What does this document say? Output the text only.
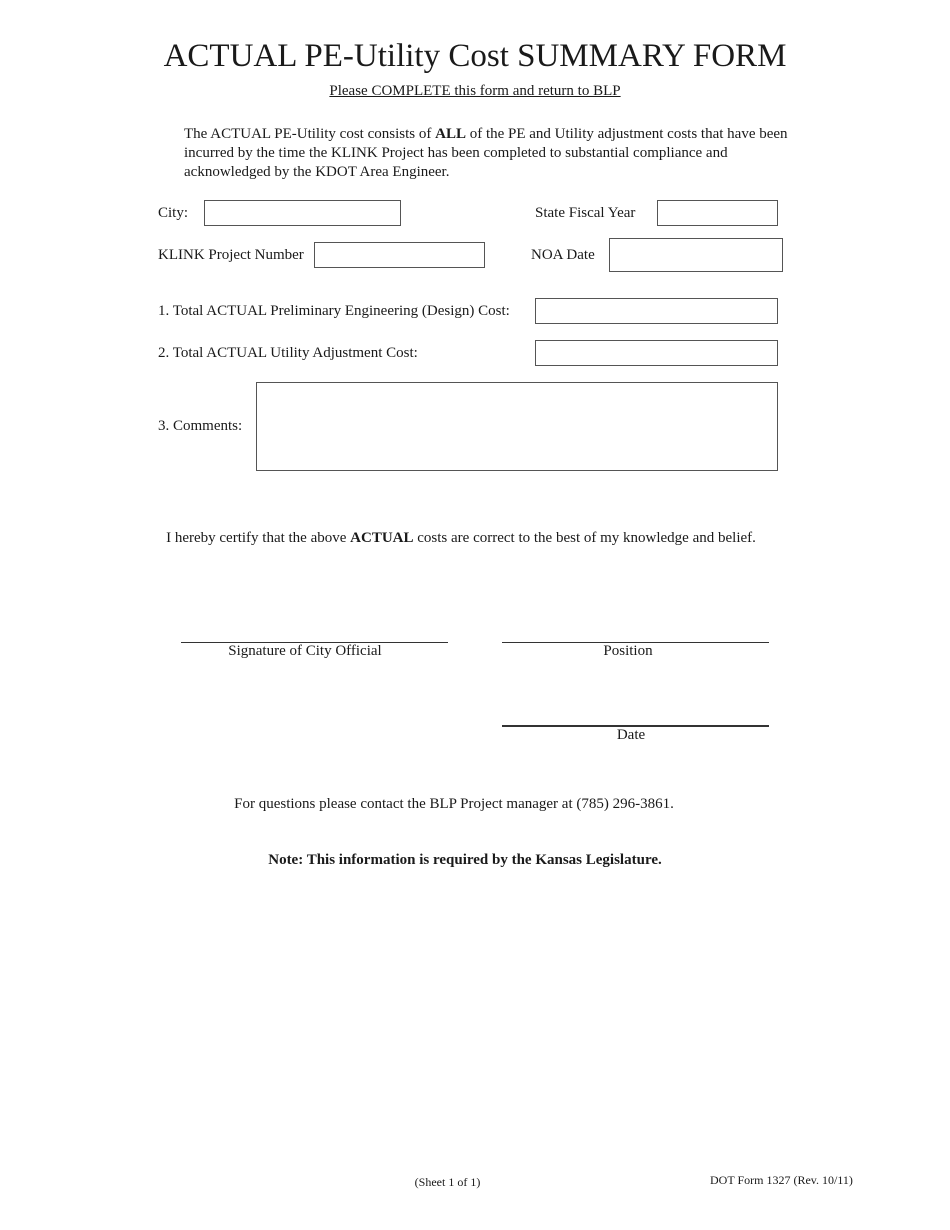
ACTUAL PE-Utility Cost SUMMARY FORM
Please COMPLETE this form and return to BLP
The ACTUAL PE-Utility cost consists of ALL of the PE and Utility adjustment costs that have been incurred by the time the KLINK Project has been completed to substantial compliance and acknowledged by the KDOT Area Engineer.
City:	State Fiscal Year
KLINK Project Number	NOA Date
1. Total ACTUAL Preliminary Engineering (Design) Cost:
2. Total ACTUAL Utility Adjustment Cost:
3. Comments:
I hereby certify that the above ACTUAL costs are correct to the best of my knowledge and belief.
Signature of City Official	Position
Date
For questions please contact the BLP Project manager at (785) 296-3861.
Note: This information is required by the Kansas Legislature.
(Sheet 1 of 1)	DOT Form 1327 (Rev. 10/11)
